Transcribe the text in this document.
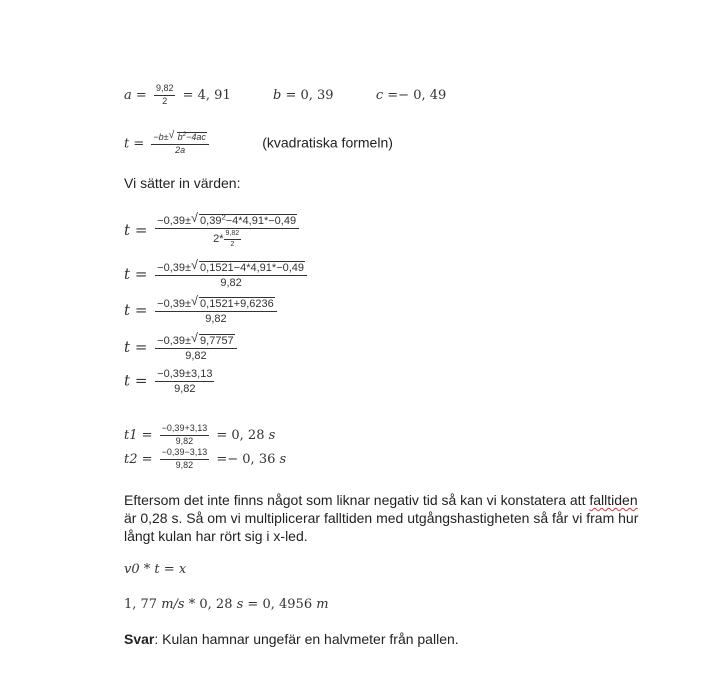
$a = \frac{9,82}{2} = 4$, 91	b = 0, 39	c =− 0, 49
$t = \frac{-b\pm √ b^2-4ac}{2a}$	(kvadratiska formeln)
Vi sätter in värden:
$t = \frac{-0,39\pm √ 0,39^2-4*4,91*-0,49}{2* \frac{9,82}{2}}$
$t = \frac{-0,39\pm √ 0,1521-4*4,91*-0,49}{9,82}$
$t = \frac{-0,39\pm √ 0,1521+9,6236}{9,82}$
$t = \frac{-0,39\pm √ 9,7757}{9,82}$
$t = \frac{-0,39\pm 3,13}{9,82}$
$t1 = \frac{-0,39+3,13}{9,82} = 0$, 28 s
$t2 = \frac{-0,39-3,13}{9,82} =- 0$, 36 s
Eftersom det inte finns något som liknar negativ tid så kan vi konstatera att falltiden
är 0,28 s. Så om vi multiplicerar falltiden med utgångshastigheten så får vi fram hur
långt kulan har rört sig i x-led.
v0 * t = x
1, 77 m/s * 0, 28 s = 0, 4956 m
Svar: Kulan hamnar ungefär en halvmeter från pallen.
